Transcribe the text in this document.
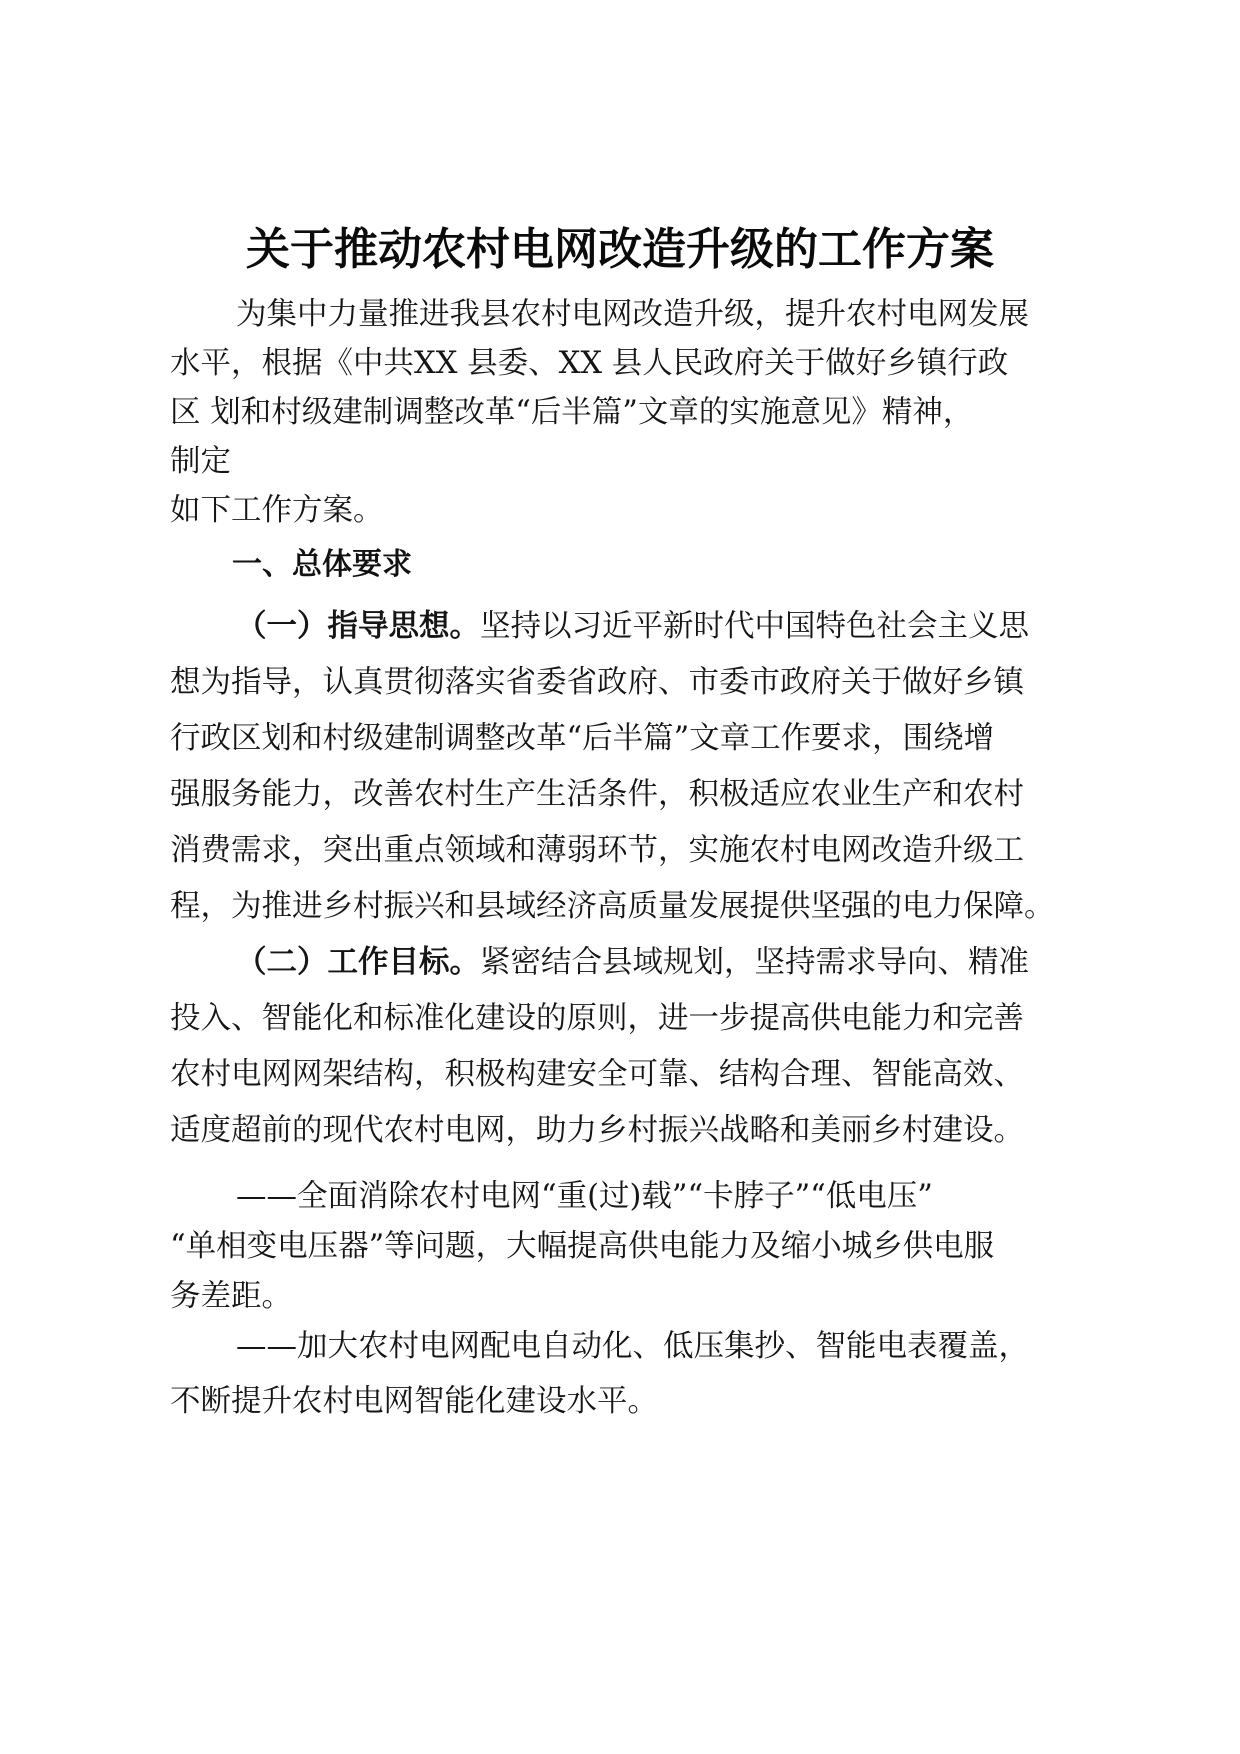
关于推动农村电网改造升级的工作方案
为集中力量推进我县农村电网改造升级，提升农村电网发展
水平，根据《中共XX 县委、XX 县人民政府关于做好乡镇行政
区 划和村级建制调整改革“后半篇”文章的实施意见》精神，
制定
如下工作方案。
一、总体要求
（一）指导思想。坚持以习近平新时代中国特色社会主义思
想为指导，认真贯彻落实省委省政府、市委市政府关于做好乡镇
行政区划和村级建制调整改革“后半篇”文章工作要求，围绕增
强服务能力，改善农村生产生活条件，积极适应农业生产和农村
消费需求，突出重点领域和薄弱环节，实施农村电网改造升级工
程，为推进乡村振兴和县域经济高质量发展提供坚强的电力保障。
（二）工作目标。紧密结合县域规划，坚持需求导向、精准
投入、智能化和标准化建设的原则，进一步提高供电能力和完善
农村电网网架结构，积极构建安全可靠、结构合理、智能高效、
适度超前的现代农村电网，助力乡村振兴战略和美丽乡村建设。
——全面消除农村电网“重(过)载”“卡脖子”“低电压”
“单相变电压器”等问题，大幅提高供电能力及缩小城乡供电服
务差距。
——加大农村电网配电自动化、低压集抄、智能电表覆盖，
不断提升农村电网智能化建设水平。
